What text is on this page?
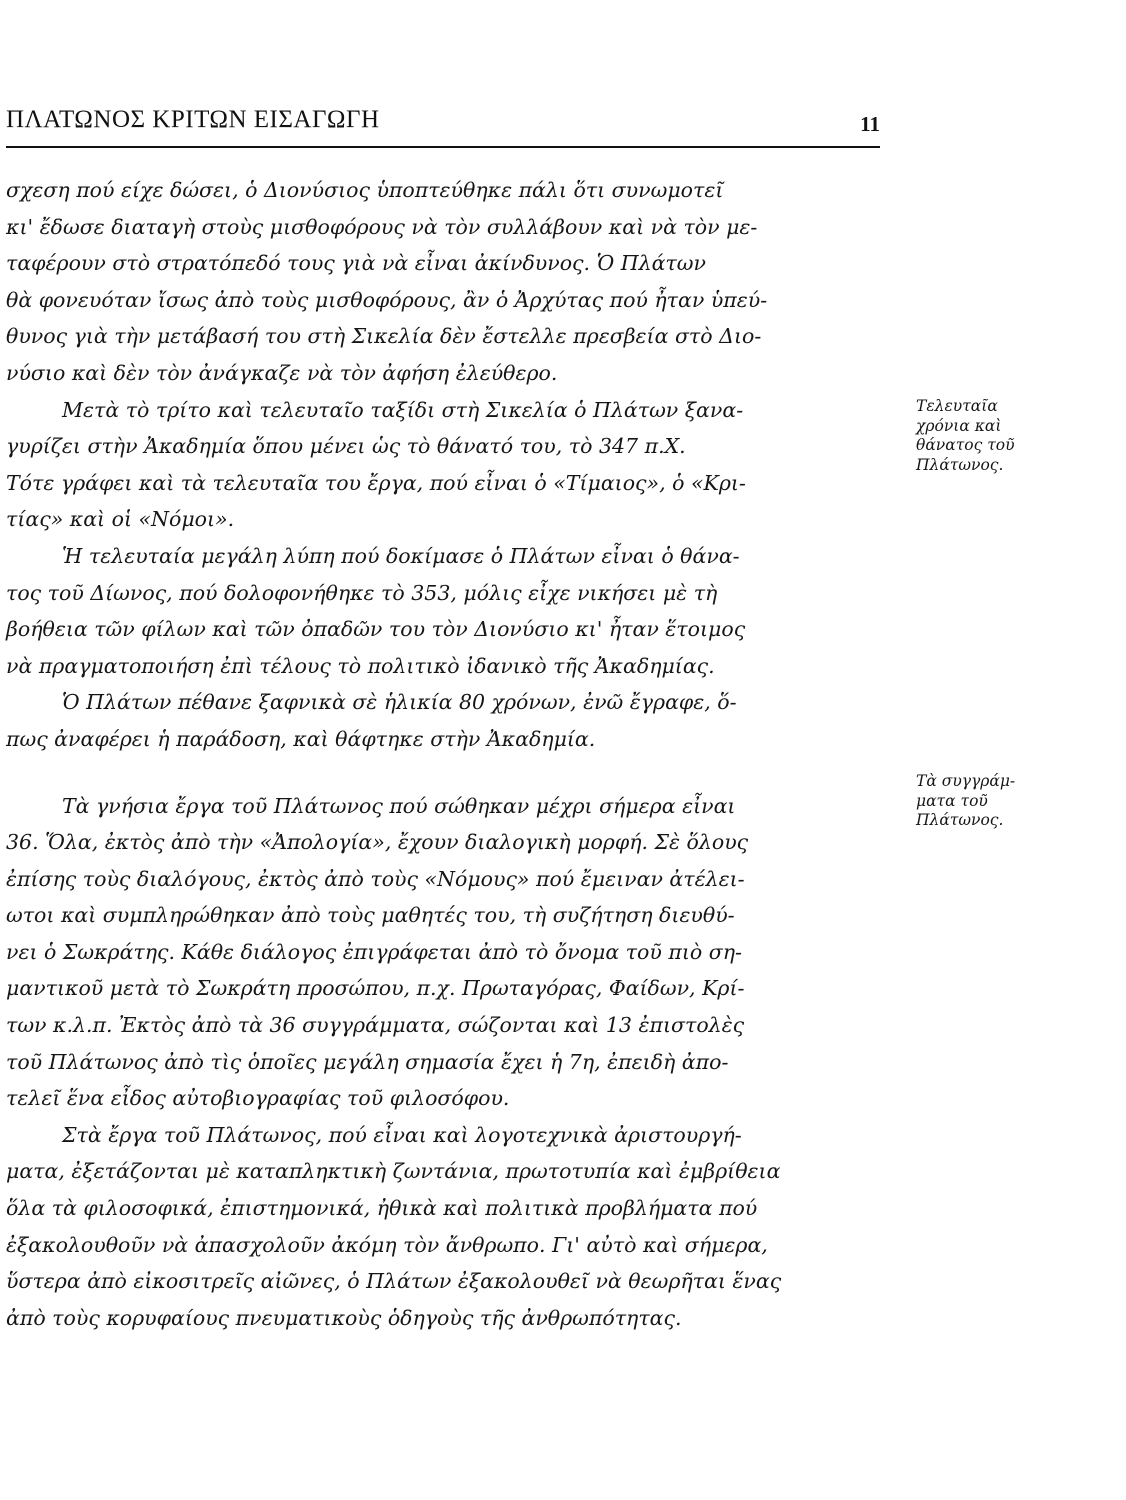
ΠΛΑΤΩΝΟΣ ΚΡΙΤΩΝ ΕΙΣΑΓΩΓΗ	11
σχεση πού είχε δώσει, ὁ Διονύσιος ὑποπτεύθηκε πάλι ὅτι συνωμοτεῖ
κι' ἔδωσε διαταγὴ στοὺς μισθοφόρους νὰ τὸν συλλάβουν καὶ νὰ τὸν με-
ταφέρουν στὸ στρατόπεδό τους γιὰ νὰ εἶναι ἀκίνδυνος. Ὁ Πλάτων
θὰ φονευόταν ἴσως ἀπὸ τοὺς μισθοφόρους, ἂν ὁ Ἀρχύτας πού ἦταν ὑπεύ-
θυνος γιὰ τὴν μετάβασή του στὴ Σικελία δὲν ἔστελλε πρεσβεία στὸ Διο-
νύσιο καὶ δὲν τὸν ἀνάγκαζε νὰ τὸν ἀφήση ἐλεύθερο.
Μετὰ τὸ τρίτο καὶ τελευταῖο ταξίδι στὴ Σικελία ὁ Πλάτων ξανα-
γυρίζει στὴν Ἀκαδημία ὅπου μένει ὡς τὸ θάνατό του, τὸ 347 π.Χ.
Τότε γράφει καὶ τὰ τελευταῖα του ἔργα, πού εἶναι ὁ «Τίμαιος», ὁ «Κρι-
τίας» καὶ οἱ «Νόμοι».
Ἡ τελευταία μεγάλη λύπη πού δοκίμασε ὁ Πλάτων εἶναι ὁ θάνα-
τος τοῦ Δίωνος, πού δολοφονήθηκε τὸ 353, μόλις εἶχε νικήσει μὲ τὴ
βοήθεια τῶν φίλων καὶ τῶν ὀπαδῶν του τὸν Διονύσιο κι' ἦταν ἕτοιμος
νὰ πραγματοποιήση ἐπὶ τέλους τὸ πολιτικὸ ἰδανικὸ τῆς Ἀκαδημίας.
Ὁ Πλάτων πέθανε ξαφνικὰ σὲ ἡλικία 80 χρόνων, ἐνῶ ἔγραφε, ὅ-
πως ἀναφέρει ἡ παράδοση, καὶ θάφτηκε στὴν Ἀκαδημία.
Τὰ γνήσια ἔργα τοῦ Πλάτωνος πού σώθηκαν μέχρι σήμερα εἶναι
36. Ὅλα, ἐκτὸς ἀπὸ τὴν «Ἀπολογία», ἔχουν διαλογικὴ μορφή. Σὲ ὅλους
ἐπίσης τοὺς διαλόγους, ἐκτὸς ἀπὸ τοὺς «Νόμους» πού ἔμειναν ἀτέλει-
ωτοι καὶ συμπληρώθηκαν ἀπὸ τοὺς μαθητές του, τὴ συζήτηση διευθύ-
νει ὁ Σωκράτης. Κάθε διάλογος ἐπιγράφεται ἀπὸ τὸ ὄνομα τοῦ πιὸ ση-
μαντικοῦ μετὰ τὸ Σωκράτη προσώπου, π.χ. Πρωταγόρας, Φαίδων, Κρί-
των κ.λ.π. Ἐκτὸς ἀπὸ τὰ 36 συγγράμματα, σώζονται καὶ 13 ἐπιστολὲς
τοῦ Πλάτωνος ἀπὸ τὶς ὁποῖες μεγάλη σημασία ἔχει ἡ 7η, ἐπειδὴ ἀπο-
τελεῖ ἕνα εἶδος αὐτοβιογραφίας τοῦ φιλοσόφου.
Στὰ ἔργα τοῦ Πλάτωνος, πού εἶναι καὶ λογοτεχνικὰ ἀριστουργή-
ματα, ἐξετάζονται μὲ καταπληκτικὴ ζωντάνια, πρωτοτυπία καὶ ἐμβρίθεια
ὅλα τὰ φιλοσοφικά, ἐπιστημονικά, ἠθικὰ καὶ πολιτικὰ προβλήματα πού
ἐξακολουθοῦν νὰ ἀπασχολοῦν ἀκόμη τὸν ἄνθρωπο. Γι' αὐτὸ καὶ σήμερα,
ὕστερα ἀπὸ εἰκοσιτρεῖς αἰῶνες, ὁ Πλάτων ἐξακολουθεῖ νὰ θεωρῆται ἕνας
ἀπὸ τοὺς κορυφαίους πνευματικοὺς ὁδηγοὺς τῆς ἀνθρωπότητας.
Τελευταῖα
χρόνια καὶ
θάνατος τοῦ
Πλάτωνος.
Τὰ συγγράμ-
ματα τοῦ
Πλάτωνος.
